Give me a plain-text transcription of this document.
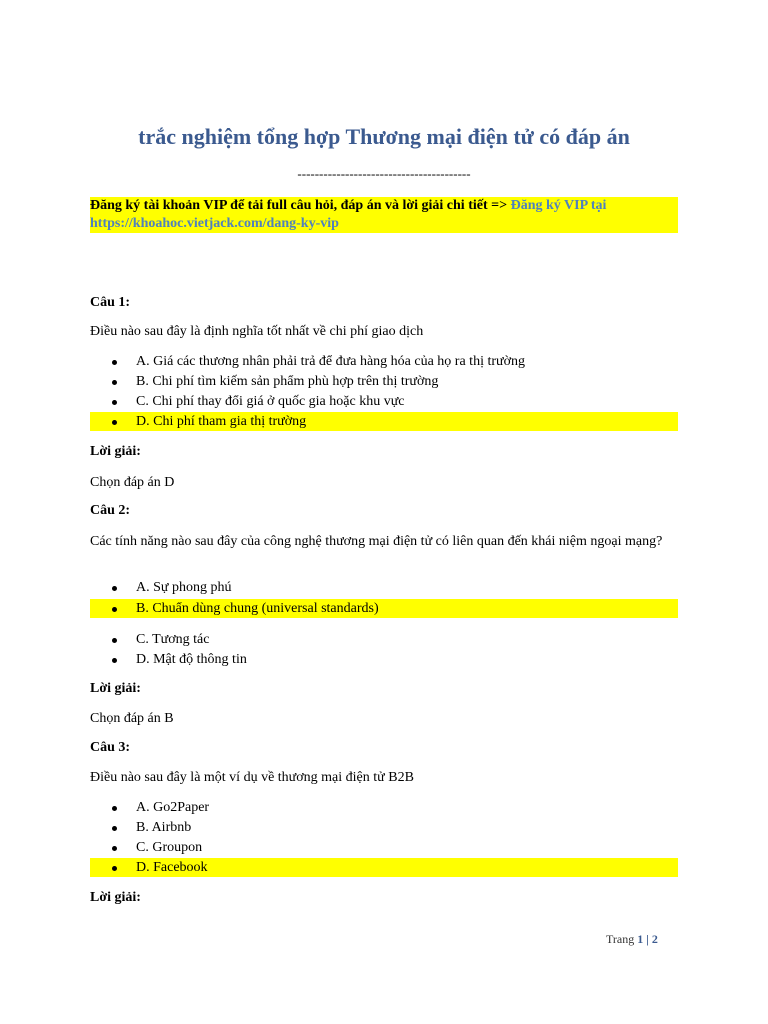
trắc nghiệm tổng hợp Thương mại điện tử có đáp án
----------------------------------------
Đăng ký tài khoản VIP để tải full câu hỏi, đáp án và lời giải chi tiết => Đăng ký VIP tại
https://khoahoc.vietjack.com/dang-ky-vip
Câu 1:
Điều nào sau đây là định nghĩa tốt nhất về chi phí giao dịch
A. Giá các thương nhân phải trả để đưa hàng hóa của họ ra thị trường
B. Chi phí tìm kiếm sản phẩm phù hợp trên thị trường
C. Chi phí thay đổi giá ở quốc gia hoặc khu vực
D. Chi phí tham gia thị trường
Lời giải:
Chọn đáp án D
Câu 2:
Các tính năng nào sau đây của công nghệ thương mại điện tử có liên quan đến khái niệm ngoại mạng?
A. Sự phong phú
B. Chuẩn dùng chung (universal standards)
C. Tương tác
D. Mật độ thông tin
Lời giải:
Chọn đáp án B
Câu 3:
Điều nào sau đây là một ví dụ về thương mại điện tử B2B
A. Go2Paper
B. Airbnb
C. Groupon
D. Facebook
Lời giải:
Trang 1 | 2
